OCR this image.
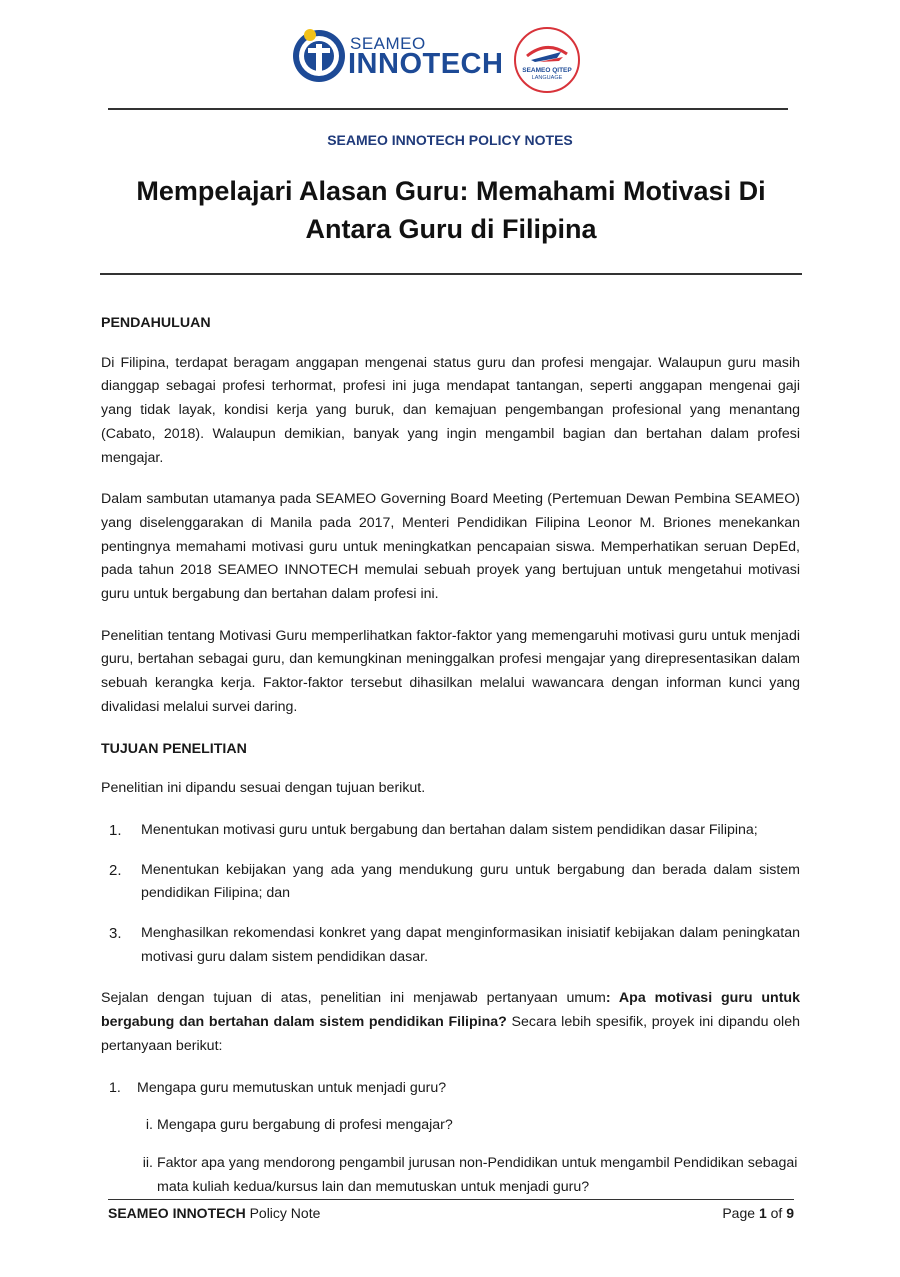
SEAMEO
INNOTECH	SEAMEO QITEP
LANGUAGE
SEAMEO INNOTECH POLICY NOTES
Mempelajari Alasan Guru: Memahami Motivasi Di Antara Guru di Filipina

PENDAHULUAN

Di Filipina, terdapat beragam anggapan mengenai status guru dan profesi mengajar. Walaupun guru masih dianggap sebagai profesi terhormat, profesi ini juga mendapat tantangan, seperti anggapan mengenai gaji yang tidak layak, kondisi kerja yang buruk, dan kemajuan pengembangan profesional yang menantang (Cabato, 2018). Walaupun demikian, banyak yang ingin mengambil bagian dan bertahan dalam profesi mengajar.

Dalam sambutan utamanya pada SEAMEO Governing Board Meeting (Pertemuan Dewan Pembina SEAMEO) yang diselenggarakan di Manila pada 2017, Menteri Pendidikan Filipina Leonor M. Briones menekankan pentingnya memahami motivasi guru untuk meningkatkan pencapaian siswa. Memperhatikan seruan DepEd, pada tahun 2018 SEAMEO INNOTECH memulai sebuah proyek yang bertujuan untuk mengetahui motivasi guru untuk bergabung dan bertahan dalam profesi ini.

Penelitian tentang Motivasi Guru memperlihatkan faktor-faktor yang memengaruhi motivasi guru untuk menjadi guru, bertahan sebagai guru, dan kemungkinan meninggalkan profesi mengajar yang direpresentasikan dalam sebuah kerangka kerja. Faktor-faktor tersebut dihasilkan melalui wawancara dengan informan kunci yang divalidasi melalui survei daring.

TUJUAN PENELITIAN

Penelitian ini dipandu sesuai dengan tujuan berikut.

1. Menentukan motivasi guru untuk bergabung dan bertahan dalam sistem pendidikan dasar Filipina;
2. Menentukan kebijakan yang ada yang mendukung guru untuk bergabung dan berada dalam sistem pendidikan Filipina; dan
3. Menghasilkan rekomendasi konkret yang dapat menginformasikan inisiatif kebijakan dalam peningkatan motivasi guru dalam sistem pendidikan dasar.

Sejalan dengan tujuan di atas, penelitian ini menjawab pertanyaan umum: Apa motivasi guru untuk bergabung dan bertahan dalam sistem pendidikan Filipina? Secara lebih spesifik, proyek ini dipandu oleh pertanyaan berikut:

1. Mengapa guru memutuskan untuk menjadi guru?
i. Mengapa guru bergabung di profesi mengajar?
ii. Faktor apa yang mendorong pengambil jurusan non-Pendidikan untuk mengambil Pendidikan sebagai mata kuliah kedua/kursus lain dan memutuskan untuk menjadi guru?
SEAMEO INNOTECH Policy Note	Page 1 of 9
